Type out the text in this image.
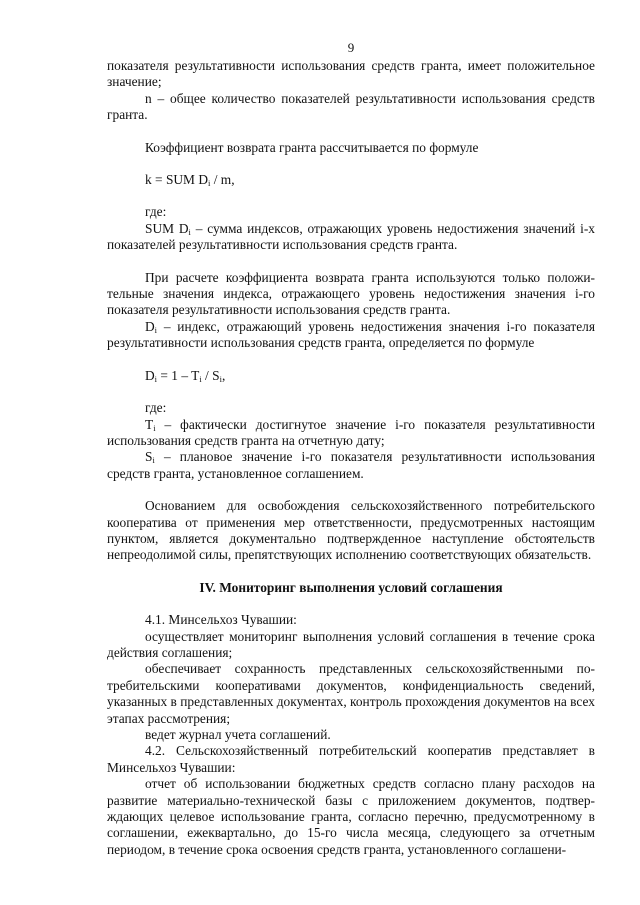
9

показателя результативности использования средств гранта, имеет положительное значение;

n – общее количество показателей результативности использования средств гранта.

Коэффициент возврата гранта рассчитывается по формуле

k = SUM $D_i$ / m,

где:

SUM $D_i$ – сумма индексов, отражающих уровень недостижения значений i-х показателей результативности использования средств гранта.

При расчете коэффициента возврата гранта используются только положительные значения индекса, отражающего уровень недостижения значения i-го показателя результативности использования средств гранта.

$D_i$ – индекс, отражающий уровень недостижения значения i-го показателя результативности использования средств гранта, определяется по формуле

$D_i = 1 - T_i / S_i$,

где:

$T_i$ – фактически достигнутое значение i-го показателя результативности использования средств гранта на отчетную дату;

$S_i$ – плановое значение i-го показателя результативности использования средств гранта, установленное соглашением.

Основанием для освобождения сельскохозяйственного потребительского кооператива от применения мер ответственности, предусмотренных настоящим пунктом, является документально подтвержденное наступление обстоятельств непреодолимой силы, препятствующих исполнению соответствующих обязательств.

IV. Мониторинг выполнения условий соглашения

4.1. Минсельхоз Чувашии:

осуществляет мониторинг выполнения условий соглашения в течение срока действия соглашения;

обеспечивает сохранность представленных сельскохозяйственными потребительскими кооперативами документов, конфиденциальность сведений, указанных в представленных документах, контроль прохождения документов на всех этапах рассмотрения;

ведет журнал учета соглашений.

4.2. Сельскохозяйственный потребительский кооператив представляет в Минсельхоз Чувашии:

отчет об использовании бюджетных средств согласно плану расходов на развитие материально-технической базы с приложением документов, подтверждающих целевое использование гранта, согласно перечню, предусмотренному в соглашении, ежеквартально, до 15-го числа месяца, следующего за отчетным периодом, в течение срока освоения средств гранта, установленного соглашени-
